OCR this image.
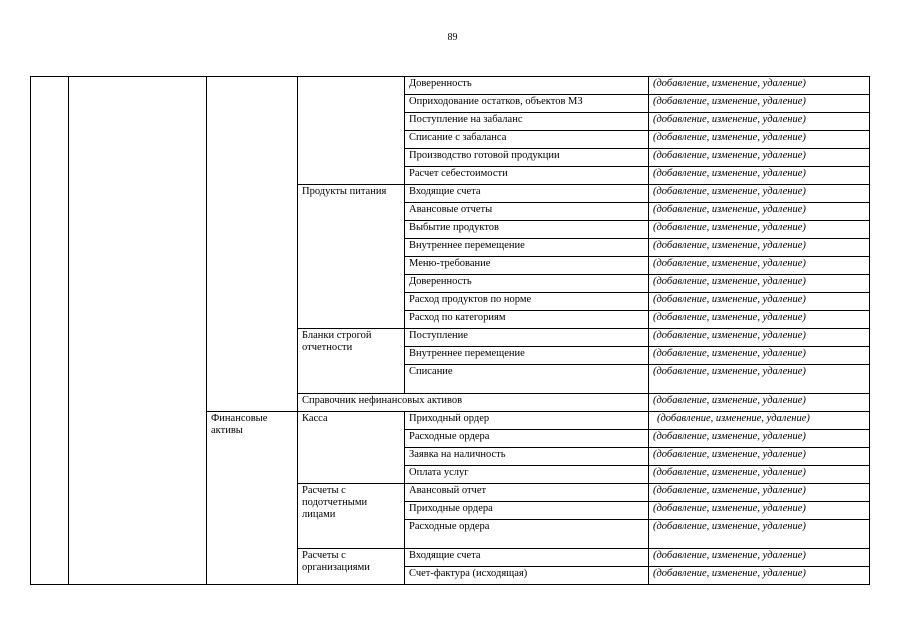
89
				Доверенность	(добавление, изменение, удаление)
				Оприходование остатков, объектов МЗ	(добавление, изменение, удаление)
				Поступление на забаланс	(добавление, изменение, удаление)
				Списание с забаланса	(добавление, изменение, удаление)
				Производство готовой продукции	(добавление, изменение, удаление)
				Расчет себестоимости	(добавление, изменение, удаление)
			Продукты питания	Входящие счета	(добавление, изменение, удаление)
				Авансовые отчеты	(добавление, изменение, удаление)
				Выбытие продуктов	(добавление, изменение, удаление)
				Внутреннее перемещение	(добавление, изменение, удаление)
				Меню-требование	(добавление, изменение, удаление)
				Доверенность	(добавление, изменение, удаление)
				Расход продуктов по норме	(добавление, изменение, удаление)
				Расход по категориям	(добавление, изменение, удаление)
			Бланки строгой отчетности	Поступление	(добавление, изменение, удаление)
				Внутреннее перемещение	(добавление, изменение, удаление)
				Списание	(добавление, изменение, удаление)
			Справочник нефинансовых активов		(добавление, изменение, удаление)
		Финансовые активы	Касса	Приходный ордер	(добавление, изменение, удаление)
				Расходные ордера	(добавление, изменение, удаление)
				Заявка на наличность	(добавление, изменение, удаление)
				Оплата услуг	(добавление, изменение, удаление)
			Расчеты с подотчетными лицами	Авансовый отчет	(добавление, изменение, удаление)
				Приходные ордера	(добавление, изменение, удаление)
				Расходные ордера	(добавление, изменение, удаление)
			Расчеты с организациями	Входящие счета	(добавление, изменение, удаление)
				Счет-фактура (исходящая)	(добавление, изменение, удаление)
